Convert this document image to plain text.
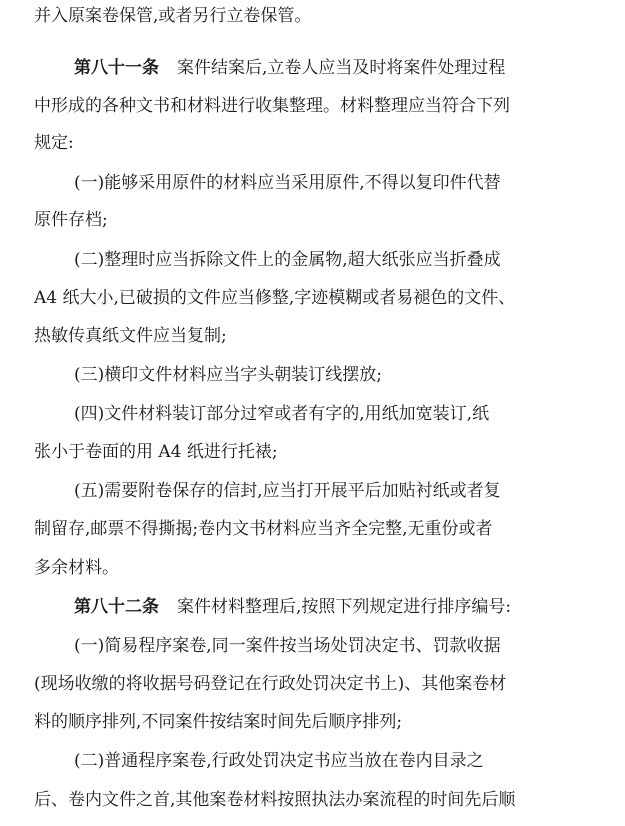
并入原案卷保管,或者另行立卷保管。
第八十一条 案件结案后,立卷人应当及时将案件处理过程
中形成的各种文书和材料进行收集整理。材料整理应当符合下列
规定:
(一)能够采用原件的材料应当采用原件,不得以复印件代替
原件存档;
(二)整理时应当拆除文件上的金属物,超大纸张应当折叠成
A4 纸大小,已破损的文件应当修整,字迹模糊或者易褪色的文件、
热敏传真纸文件应当复制;
(三)横印文件材料应当字头朝装订线摆放;
(四)文件材料装订部分过窄或者有字的,用纸加宽装订,纸
张小于卷面的用 A4 纸进行托裱;
(五)需要附卷保存的信封,应当打开展平后加贴衬纸或者复
制留存,邮票不得撕揭;卷内文书材料应当齐全完整,无重份或者
多余材料。
第八十二条 案件材料整理后,按照下列规定进行排序编号:
(一)简易程序案卷,同一案件按当场处罚决定书、罚款收据
(现场收缴的将收据号码登记在行政处罚决定书上)、其他案卷材
料的顺序排列,不同案件按结案时间先后顺序排列;
(二)普通程序案卷,行政处罚决定书应当放在卷内目录之
后、卷内文件之首,其他案卷材料按照执法办案流程的时间先后顺
